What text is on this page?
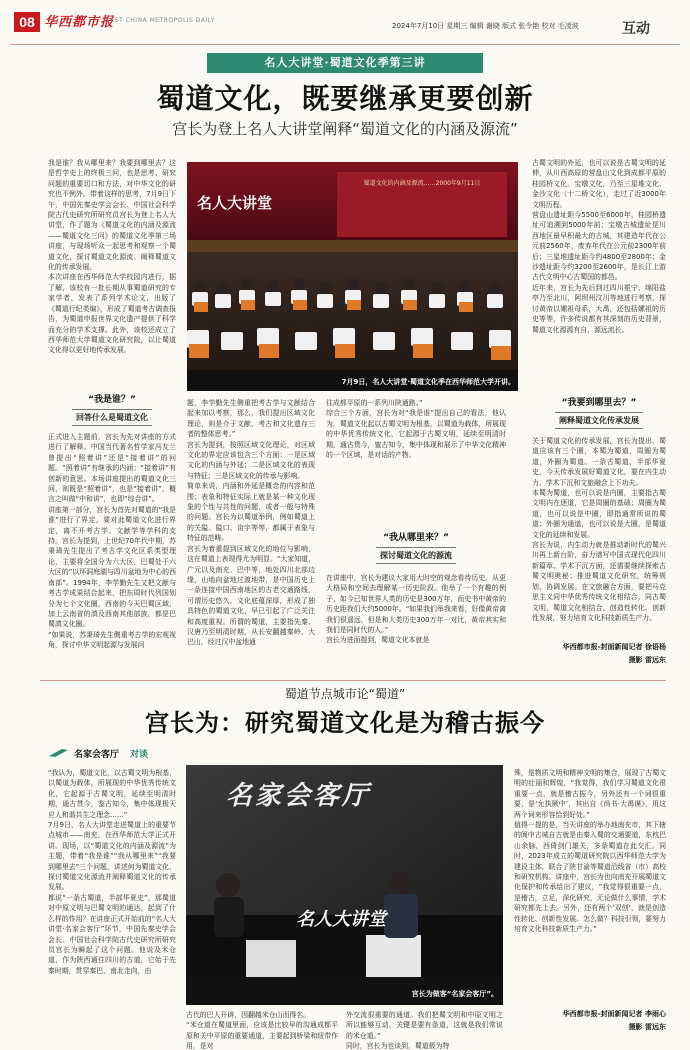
08 华西都市报
WEST CHINA METROPOLIS DAILY
2024年7月10日 星期三 编辑 谢晓 版式 张令艳 校对 毛凌波	互动
名人大讲堂·蜀道文化季第三讲
蜀道文化，既要继承更要创新
宫长为登上名人大讲堂阐释“蜀道文化的内涵及源流”
我是谁？我从哪里来？我要到哪里去？这是哲学史上的终极三问，也是思考、研究问题的重要切口和方法，对中华文化的研究也不例外。带着这样的思考，7月9日下午，中国先秦史学会会长、中国社会科学院古代史研究所研究员宫长为登上名人大讲堂，作了题为《蜀道文化的内涵及源流——蜀道文化三问》的蜀道文化季第三场讲座，与现场听众一起思考和观察一个蜀道文化，探讨蜀道文化源流、阐释蜀道文化的传承发展。
本次讲座在西华师范大学校园内进行，据了解，该校有一批长期从事蜀道研究的专家学者，发表了系列学术论文，出版了《蜀道行纪类编》，形成了蜀道考古调查报告，为蜀道申报世界文化遗产提供了科学而充分的学术支撑。此外，该校还成立了西华师范大学蜀道文化研究院，以让蜀道文化得以更好地传承发展。
“我是谁？”
回答什么是蜀道文化
正式进入主题前，宫长为先对讲座的方式进行了解释。中国当代著名哲学家冯友兰曾提出“照着讲”还是“接着讲”的问题。“照着讲”有继承的内涵；“接着讲”有创新的意思。本场讲座提出的蜀道文化三问，则既是“照着讲”，也是“接着讲”，概言之叫做“中和讲”，也即“综合讲”。
讲座第一部分，宫长为首先对蜀道的“我是谁”进行了界定，要对此蜀道文化进行界定，离不开考古学、文献学等学科的支持。宫长为提到，上世纪70年代中期，苏秉琦先生提出了考古学文化区系类型理论，主要将全国分为六大区，巴蜀处于六大区的“以环洞庭湖与四川盆地为中心的西南部”。1994年，李学勤先生又把文献与考古学成果结合起来，把东周时代列国划分为七个文化圈，西南的今天巴蜀区域，加上云南省的滇及西南其他部族，都是巴蜀滇文化圈。
“如果说，苏秉琦先生侧重考古学的宏观视角，探讨中华文明起源与发展问
蜀道文化的内涵及源流……2000年9月11日
名人大讲堂
7月9日，名人大讲堂·蜀道文化季在西华师范大学开讲。
题，李学勤先生侧重把考古学与文献结合起来加以考察，那么，我们提出区域文化理论，则是介于文献、考古和文化遗存三者的整体思考。”
宫长为提到，按照区域文化理论，对区域文化的界定应该包含三个方面：一是区域文化的内涵与外延；二是区域文化的表现与特征；三是区域文化的传承与影响。
简单来说，内涵和外延是概念的内容和范围；表象和特征实际上就是某一种文化现象的个性与共性的问题，或者一般与特殊的问题。宫长为以蜀道举例，例如蜀道上的关隘、隘口、亩宇等等，都属于表象与特征的范畴。
宫长为着重提到区域文化的地位与影响，这在蜀道上表现得尤为明显。“大家知道，广元以及南充、巴中等，地处四川北部边缘，山地向盆地过渡地带，是中国历史上一条连接中国西南地区的古老交通路线，可谓历史悠久，文化底蕴深厚，形成了独具特色的蜀道文化，早已引起了广泛关注和高度重视。所谓的蜀道，主要指先秦、汉唐乃至明清时期，从长安翻越秦岭、大巴山，经过汉中盆地通
往成都平原的一系列川陕通路。”
综合三个方面，宫长为对“我是谁”提出自己的看法，他认为，蜀道文化起以古蜀文明为根基，以蜀道为载体，所展现的中华优秀传统文化，它起源于古蜀文明，延续至明清时期，通古贯今，蜜古知今，集中体现和展示了中华文化精神的一个区域，是对话的产物。
“我从哪里来？”
探讨蜀道文化的源流
在讲座中，宫长为建议大家用大时空的观念看待历史，从更大格局和空间去理解某一历史阶段。他举了一个有趣的例子，如今已知世界人类的历史是300万年，而史书中黄帝的历史距我们大约5000年。“如果我们举我来看，好像黄帝离我们很遥远，但是和人类历史300万年一对比，黄帝其实和我们是同时代的人。”
宫长为进而提到，蜀道文化本就是
古蜀文明的外延，也可以说是古蜀文明的延伸，从川西高原的营盘山文化到成都平原的桂园桥文化、宝墩文化，乃至三星堆文化、金沙文化（十二桥文化），走过了近3000年文明历程。
营盘山遗址距今5500至6000年，桂园桥遗址可追溯到5000年前；宝墩古城遗址是川西地区最早积最大的古城，其建造年代在公元前2560年，废弃年代在公元前2300年前后；三星堆遗址距今约4800至2800年；金沙遗址距今约3200至2600年，是长江上游古代文明中心古蜀国的都邑。
近年来，宫长为先后到过四川冕宁、绵阳盐亭乃至北川，阿坝州汶川等地进行考察，探讨黄帝以嫘祖母系，大禹，还包括嫘祖的历史等等，许多传说都有其深刻的历史背景，蜀道文化源源有自，源远流长。
“我要到哪里去？”
阐释蜀道文化传承发展
关于蜀道文化的传承发展，宫长为提出，蜀道应该有三个圈，本蜀为蜀道，周圈为蜀道，外圈为蜀道。一条古蜀道，半部华夏史，今天传承发展好蜀道文化，要在内生动力、学术下沉和文旅融合上下功夫。
本蜀为蜀道，也可以说是内圈，主要指古蜀文明内在逐道，它是周圈的基础；周圈为蜀道，也可以说是中圈，即指通常所说的蜀道；外圈为通道，也可以说是大圈，是蜀道文化的延续和发展。
宫长为说，内生动力就是推动新时代的蜀兴川再上新台阶，奋力谱写中国式现代化四川新篇章。学术下沉方面，还需要继续探索古蜀文明奥秘；推进蜀道文化研究，统筹规划，协调发展。在文旅融合方面，要把马克思主义同中华优秀传统文化相结合，同古蜀文明、蜀道文化相结合，创造性转化、创新性发展，努力培育文化科技新质生产力。
华西都市报-封面新闻记者 徐语杨
摄影 雷远东
蜀道节点城市论“蜀道”
宫长为：研究蜀道文化是为稽古振今
名家会客厅 对谈
“我认为，蜀道文化，以古蜀文明为根基，以蜀道为载体，所展现的中华优秀传统文化，它起源于古蜀文明，延续至明清时期，通古贯今，鉴古知今，集中体现极天应人和谐共生之理念……”
7月9日，名人大讲堂走进蜀道上的重要节点城市——南充，在西华师范大学正式开讲。现场，以“蜀道文化的内涵及源流”为主题，带着“我是谁”“我从哪里来”“我要到哪里去”三个问题，讲述何为蜀道文化，探讨蜀道文化源流并阐释蜀道文化的传承发展。
都说“一条古蜀道，半部华夏史”，那蜀道对中原文明与巴蜀文明的通达，起到了什么样的作用？在讲座正式开始前的“名人大讲堂·名家会客厅”环节，中国先秦史学会会长、中国社会科学院古代史研究所研究员宫长为瞬起了这个问题。他说及米仓道，作为陕西通往四川的古道，它始于先秦时期，贯穿秦巴，南北走向，由
名家会客厅
名人大讲堂
宫长为做客“名家会客厅”。
古代的巴人开辟，因翻越米仓山而得名。
“米仓道在蜀道里面，应该是比较早的沟通成都平原和关中平原的重要通道，主要起到桥梁和纽带作用，是对
外交流很重要的通道。我们把蜀文明和中原文明之所以能够互动，关键是要有条道，这就是我们常说的米仓道。”
同时，宫长为也谈到，蜀道极为特
殊，是物质文明和精神文明的集合，展现了古蜀文明的壮丽和辉煌，“我觉得，我们学习蜀道文化很重要一点，就是稽古振今，另外还有一个词很重要，是‘允执厥中’，其出自《尚书·大禹谟》，用这两个词来形容恰到好处。”
值得一提的是，当天讲座的举办地南充市，其下辖的阆中古城自古就是由秦入蜀的交通要道，东枕巴山余脉，西倚剑门雄关，多条蜀道在此交汇。同时，2023年成立的蜀道研究院以西华师范大学为建设主体，联合了陕甘渝等蜀道沿线省（市）高校和研究机构。讲座中，宫长为也向南充开展蜀道文化保护和传承给出了建议，“我觉得很重要一点，是稽古，立足，深化研究，无论做什么事情，学术研究都先上去。另外，还有两个‘双创’，就是创造性转化、创新性发展。怎么做？科技引领，要努力培育文化科技新质生产力。”
华西都市报-封面新闻记者 李雨心
摄影 雷远东
